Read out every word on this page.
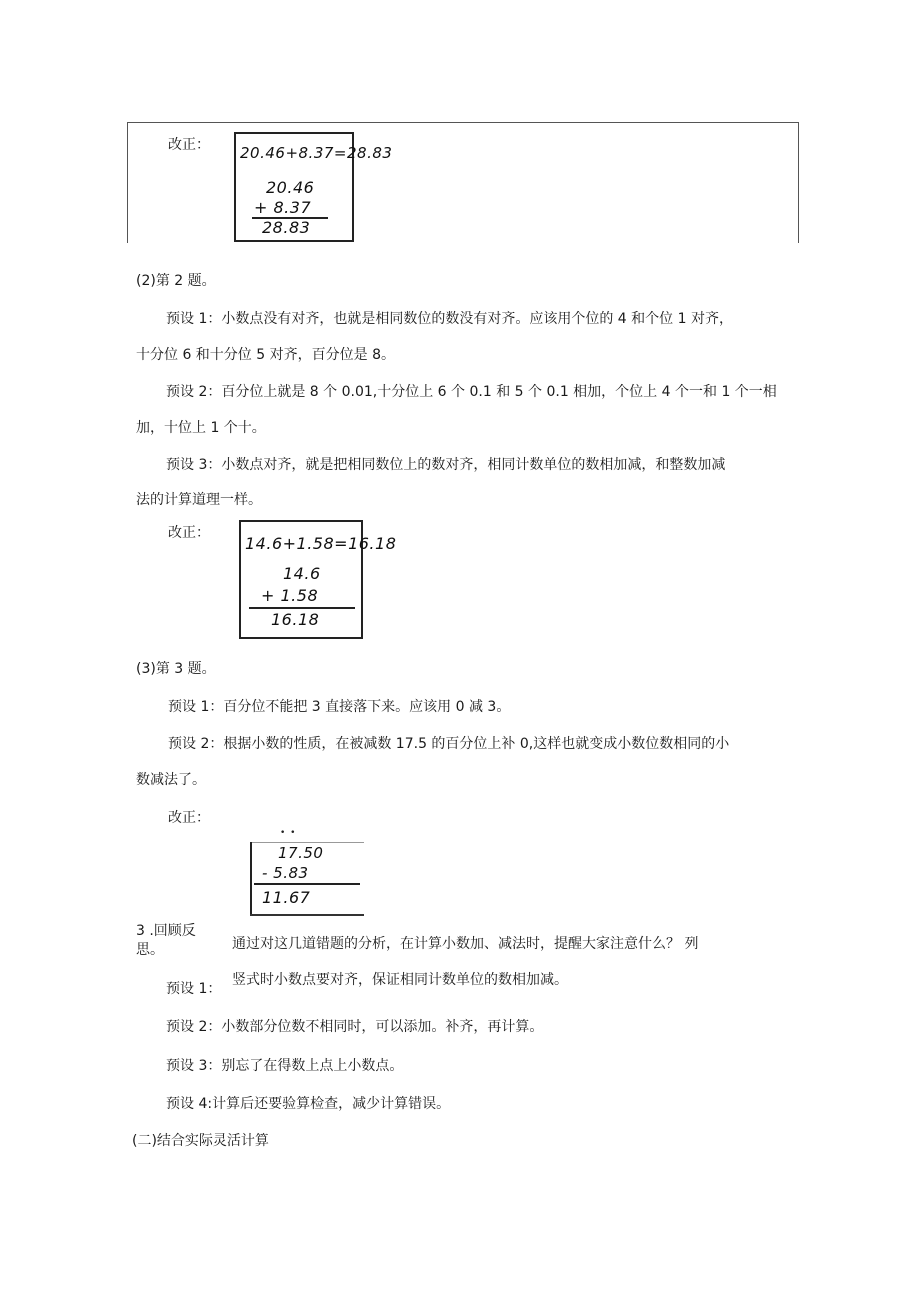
改正： 20.46+8.37=28.83
20.46
+ 8.37
28.83
(2)第 2 题。
预设 1：小数点没有对齐，也就是相同数位的数没有对齐。应该用个位的 4 和个位 1 对齐，
十分位 6 和十分位 5 对齐，百分位是 8。
预设 2：百分位上就是 8 个 0.01,十分位上 6 个 0.1 和 5 个 0.1 相加，个位上 4 个一和 1 个一相
加，十位上 1 个十。
预设 3：小数点对齐，就是把相同数位上的数对齐，相同计数单位的数相加减，和整数加减
法的计算道理一样。
改正：
14.6+1.58=16.18
14.6
+ 1.58
16.18
(3)第 3 题。
预设 1：百分位不能把 3 直接落下来。应该用 0 减 3。
预设 2：根据小数的性质，在被减数 17.5 的百分位上补 0,这样也就变成小数位数相同的小
数减法了。
改正：
• •
17.50
- 5.83
11.67
3 .回顾反
思。	通过对这几道错题的分析，在计算小数加、减法时，提醒大家注意什么？ 列
预设 1：
竖式时小数点要对齐，保证相同计数单位的数相加减。
预设 2：小数部分位数不相同时，可以添加。补齐，再计算。
预设 3：别忘了在得数上点上小数点。
预设 4:计算后还要验算检查，减少计算错误。
(二)结合实际灵活计算
